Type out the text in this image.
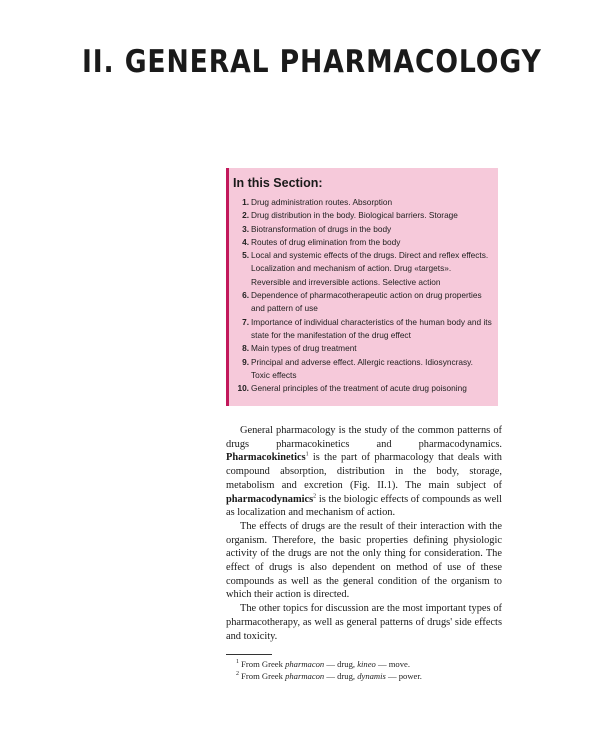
II. GENERAL PHARMACOLOGY
In this Section:
1. Drug administration routes. Absorption
2. Drug distribution in the body. Biological barriers. Storage
3. Biotransformation of drugs in the body
4. Routes of drug elimination from the body
5. Local and systemic effects of the drugs. Direct and reflex effects. Localization and mechanism of action. Drug «targets». Reversible and irreversible actions. Selective action
6. Dependence of pharmacotherapeutic action on drug properties and pattern of use
7. Importance of individual characteristics of the human body and its state for the manifestation of the drug effect
8. Main types of drug treatment
9. Principal and adverse effect. Allergic reactions. Idiosyncrasy. Toxic effects
10. General principles of the treatment of acute drug poisoning

General pharmacology is the study of the common patterns of drugs pharmacokinetics and pharmacodynamics. Pharmacokinetics$^1$ is the part of pharmacology that deals with compound absorption, distribution in the body, storage, metabolism and excretion (Fig. II.1). The main subject of pharmacodynamics$^2$ is the biologic effects of compounds as well as localization and mechanism of action.

The effects of drugs are the result of their interaction with the organism. Therefore, the basic properties defining physiologic activity of the drugs are not the only thing for consideration. The effect of drugs is also dependent on method of use of these compounds as well as the general condition of the organism to which their action is directed.

The other topics for discussion are the most important types of pharmacotherapy, as well as general patterns of drugs' side effects and toxicity.

$^1$ From Greek pharmacon — drug, kineo — move.
$^2$ From Greek pharmacon — drug, dynamis — power.
